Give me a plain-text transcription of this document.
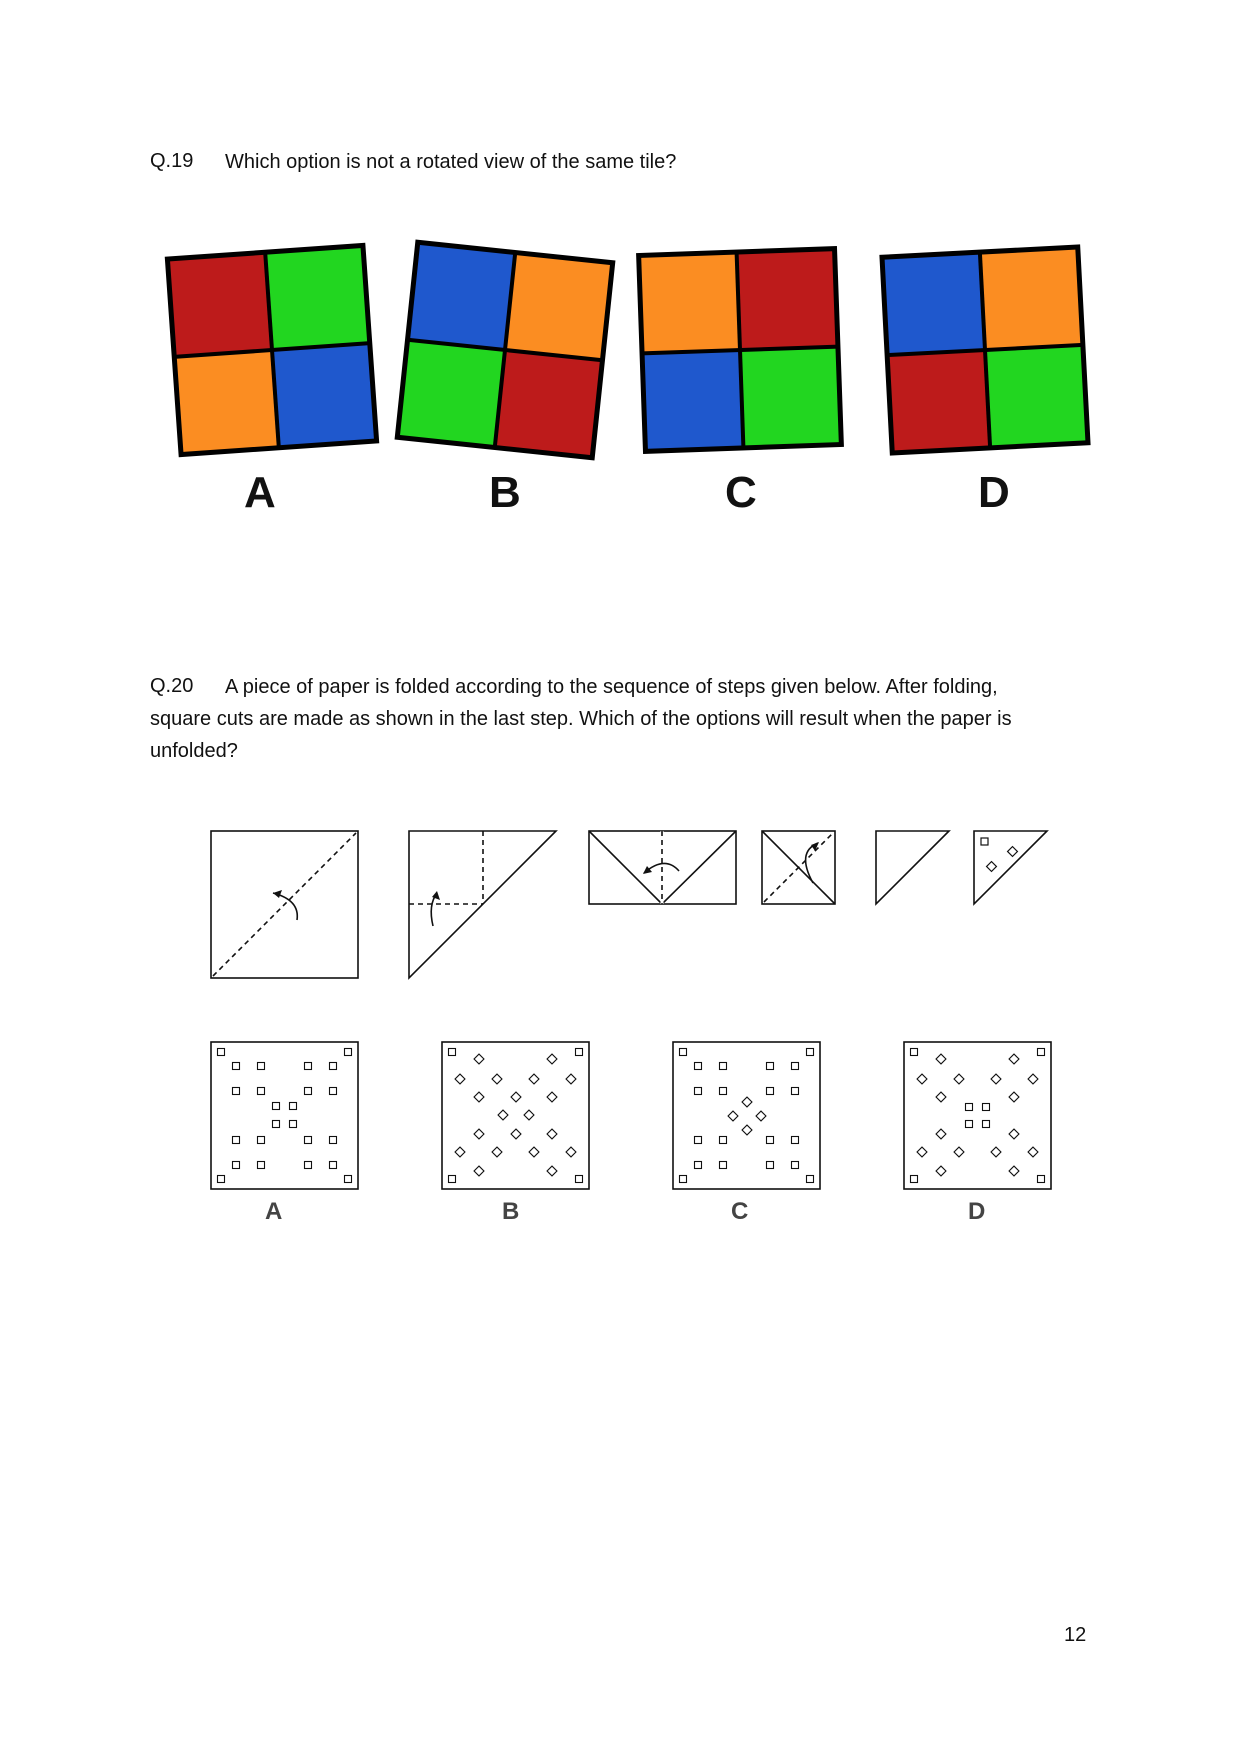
Q.19 Which option is not a rotated view of the same tile?
Q.20 A piece of paper is folded according to the sequence of steps given below. After folding,
square cuts are made as shown in the last step. Which of the options will result when the paper is
unfolded?
A	B	C	D
A	B	C	D
12
